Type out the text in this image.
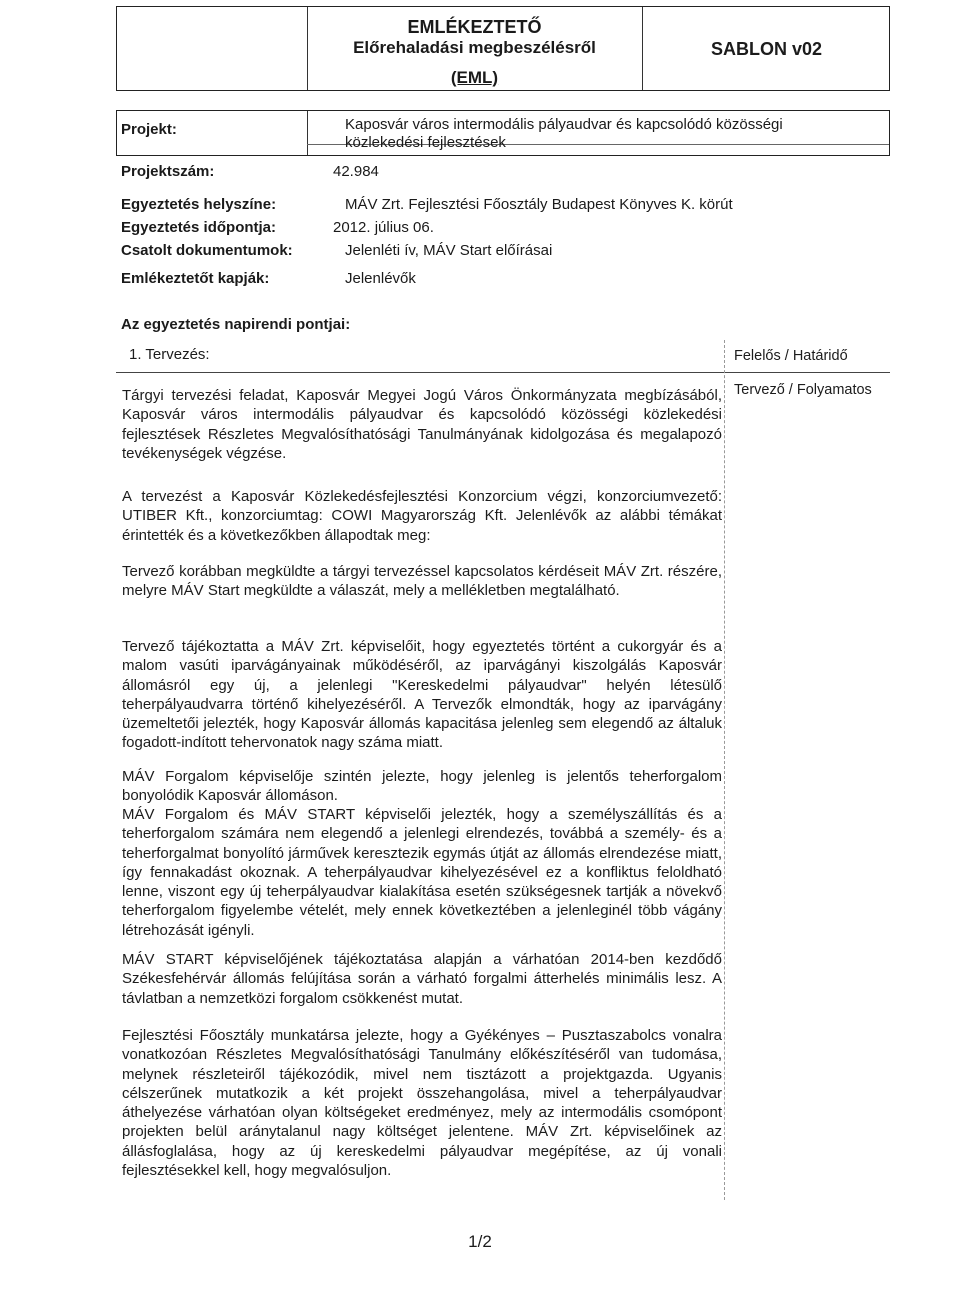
EMLÉKEZTETŐ
Előrehaladási megbeszélésről
(EML)
SABLON v02
Projekt:	Kaposvár város intermodális pályaudvar és kapcsolódó közösségi
közlekedési fejlesztések
Projektszám:	42.984
Egyeztetés helyszíne:	MÁV Zrt. Fejlesztési Főosztály Budapest Könyves K. körút
Egyeztetés időpontja:	2012. július 06.
Csatolt dokumentumok:	Jelenléti ív, MÁV Start előírásai
Emlékeztetőt kapják:	Jelenlévők
Az egyeztetés napirendi pontjai:
1. Tervezés:	Felelős / Határidő
Tervező / Folyamatos

Tárgyi tervezési feladat, Kaposvár Megyei Jogú Város Önkormányzata megbízásából, Kaposvár város intermodális pályaudvar és kapcsolódó közösségi közlekedési fejlesztések Részletes Megvalósíthatósági Tanulmányának kidolgozása és megalapozó tevékenységek végzése.

A tervezést a Kaposvár Közlekedésfejlesztési Konzorcium végzi, konzorciumvezető: UTIBER Kft., konzorciumtag: COWI Magyarország Kft. Jelenlévők az alábbi témákat érintették és a következőkben állapodtak meg:

Tervező korábban megküldte a tárgyi tervezéssel kapcsolatos kérdéseit MÁV Zrt. részére, melyre MÁV Start megküldte a válaszát, mely a mellékletben megtalálható.

Tervező tájékoztatta a MÁV Zrt. képviselőit, hogy egyeztetés történt a cukorgyár és a malom vasúti iparvágányainak működéséről, az iparvágányi kiszolgálás Kaposvár állomásról egy új, a jelenlegi "Kereskedelmi pályaudvar" helyén létesülő teherpályaudvarra történő kihelyezéséről. A Tervezők elmondták, hogy az iparvágány üzemeltetői jelezték, hogy Kaposvár állomás kapacitása jelenleg sem elegendő az általuk fogadott-indított tehervonatok nagy száma miatt.

MÁV Forgalom képviselője szintén jelezte, hogy jelenleg is jelentős teherforgalom bonyolódik Kaposvár állomáson.

MÁV Forgalom és MÁV START képviselői jelezték, hogy a személyszállítás és a teherforgalom számára nem elegendő a jelenlegi elrendezés, továbbá a személy- és a teherforgalmat bonyolító járművek keresztezik egymás útját az állomás elrendezése miatt, így fennakadást okoznak. A teherpályaudvar kihelyezésével ez a konfliktus feloldható lenne, viszont egy új teherpályaudvar kialakítása esetén szükségesnek tartják a növekvő teherforgalom figyelembe vételét, mely ennek következtében a jelenleginél több vágány létrehozását igényli.

MÁV START képviselőjének tájékoztatása alapján a várhatóan 2014-ben kezdődő Székesfehérvár állomás felújítása során a várható forgalmi átterhelés minimális lesz. A távlatban a nemzetközi forgalom csökkenést mutat.

Fejlesztési Főosztály munkatársa jelezte, hogy a Gyékényes – Pusztaszabolcs vonalra vonatkozóan Részletes Megvalósíthatósági Tanulmány előkészítéséről van tudomása, melynek részleteiről tájékozódik, mivel nem tisztázott a projektgazda. Ugyanis célszerűnek mutatkozik a két projekt összehangolása, mivel a teherpályaudvar áthelyezése várhatóan olyan költségeket eredményez, mely az intermodális csomópont projekten belül aránytalanul nagy költséget jelentene. MÁV Zrt. képviselőinek az állásfoglalása, hogy az új kereskedelmi pályaudvar megépítése, az új vonali fejlesztésekkel kell, hogy megvalósuljon.

1/2
